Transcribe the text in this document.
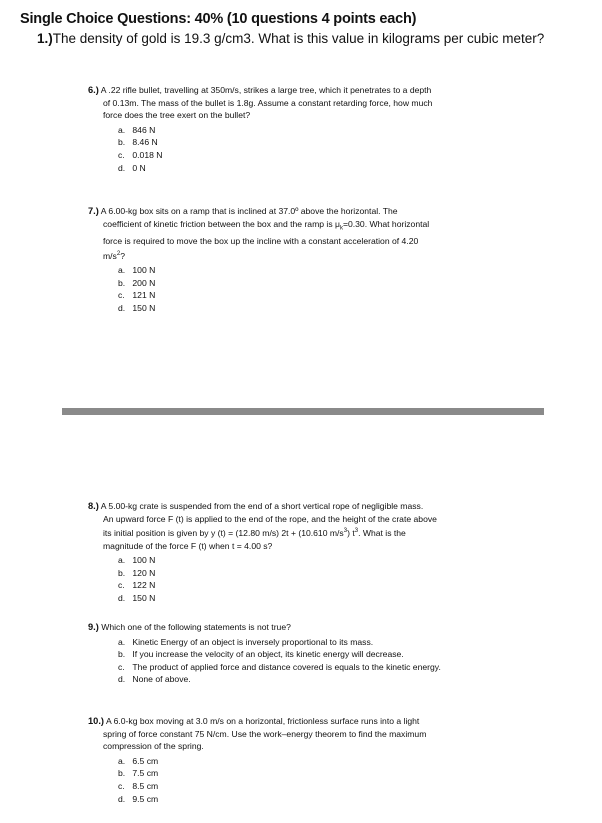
Single Choice Questions: 40% (10 questions 4 points each)
1.)The density of gold is 19.3 g/cm3. What is this value in kilograms per cubic meter?
6.) A .22 rifle bullet, travelling at 350m/s, strikes a large tree, which it penetrates to a depth
of 0.13m. The mass of the bullet is 1.8g. Assume a constant retarding force, how much
force does the tree exert on the bullet?
a.
846 N
b.
8.46 N
c.
0.018 N
d.
0 N
7.) A 6.00-kg box sits on a ramp that is inclined at 37.0º above the horizontal. The
coefficient of kinetic friction between the box and the ramp is $\mu_k=0.30$. What horizontal
force is required to move the box up the incline with a constant acceleration of 4.20
$m/s^2$?
a.
100 N
b.
200 N
c.
121 N
d.
150 N
8.) A 5.00-kg crate is suspended from the end of a short vertical rope of negligible mass.
An upward force F (t) is applied to the end of the rope, and the height of the crate above
its initial position is given by y (t) = (12.80 m/s) 2t + (10.610 $m/s^3$) $t^3$. What is the
magnitude of the force F (t) when t = 4.00 s?
a.
100 N
b.
120 N
c.
122 N
d.
150 N
9.) Which one of the following statements is not true?
a.
Kinetic Energy of an object is inversely proportional to its mass.
b.
If you increase the velocity of an object, its kinetic energy will decrease.
c.
The product of applied force and distance covered is equals to the kinetic energy.
d.
None of above.
10.) A 6.0-kg box moving at 3.0 m/s on a horizontal, frictionless surface runs into a light
spring of force constant 75 N/cm. Use the work–energy theorem to find the maximum
compression of the spring.
a.
6.5 cm
b.
7.5 cm
c.
8.5 cm
d.
9.5 cm
